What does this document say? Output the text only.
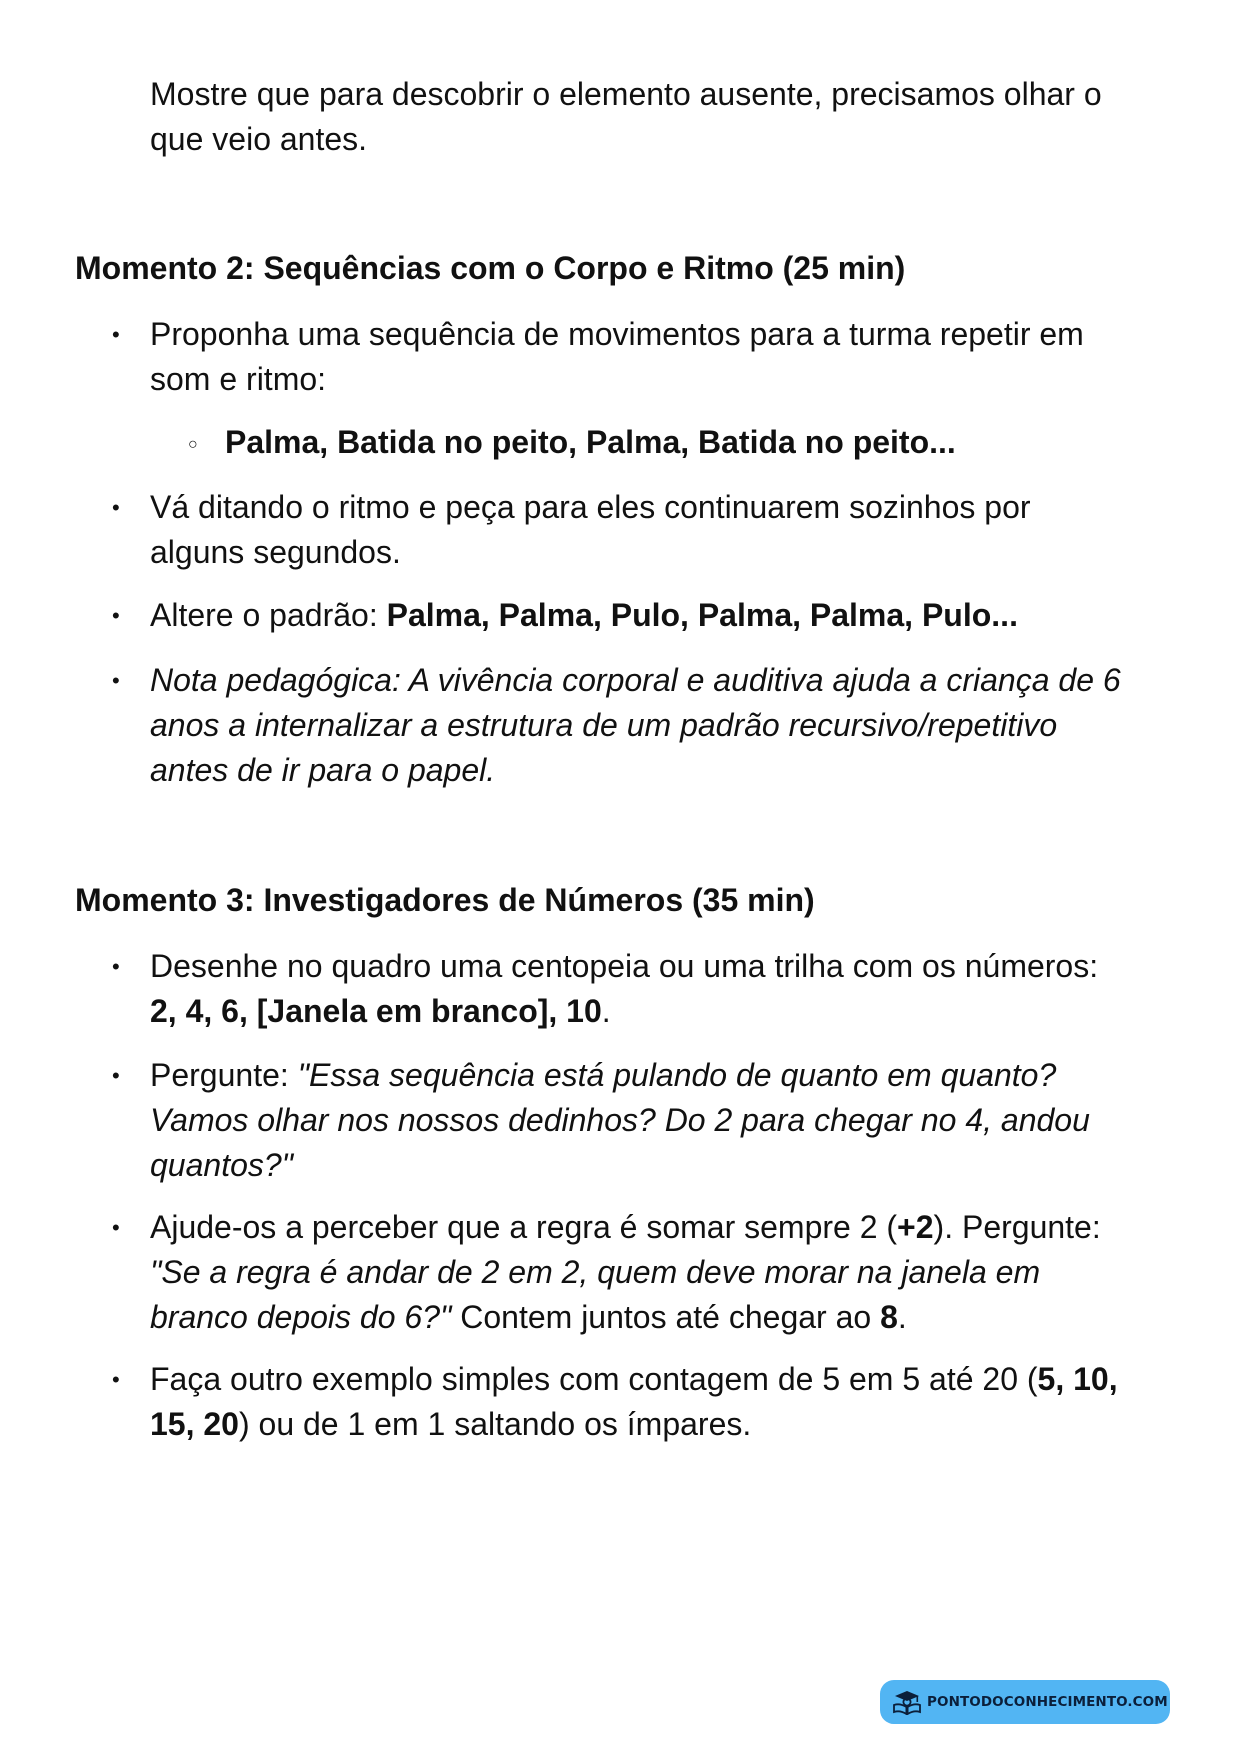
Mostre que para descobrir o elemento ausente, precisamos olhar o
que veio antes.
Momento 2: Sequências com o Corpo e Ritmo (25 min)
• Proponha uma sequência de movimentos para a turma repetir em
som e ritmo:
○ Palma, Batida no peito, Palma, Batida no peito...
• Vá ditando o ritmo e peça para eles continuarem sozinhos por
alguns segundos.
• Altere o padrão: Palma, Palma, Pulo, Palma, Palma, Pulo...
• Nota pedagógica: A vivência corporal e auditiva ajuda a criança de 6
anos a internalizar a estrutura de um padrão recursivo/repetitivo
antes de ir para o papel.
Momento 3: Investigadores de Números (35 min)
• Desenhe no quadro uma centopeia ou uma trilha com os números:
2, 4, 6, [Janela em branco], 10.
• Pergunte: "Essa sequência está pulando de quanto em quanto?
Vamos olhar nos nossos dedinhos? Do 2 para chegar no 4, andou
quantos?"
• Ajude-os a perceber que a regra é somar sempre 2 (+2). Pergunte:
"Se a regra é andar de 2 em 2, quem deve morar na janela em
branco depois do 6?" Contem juntos até chegar ao 8.
• Faça outro exemplo simples com contagem de 5 em 5 até 20 (5, 10,
15, 20) ou de 1 em 1 saltando os ímpares.
PONTODOCONHECIMENTO.COM
